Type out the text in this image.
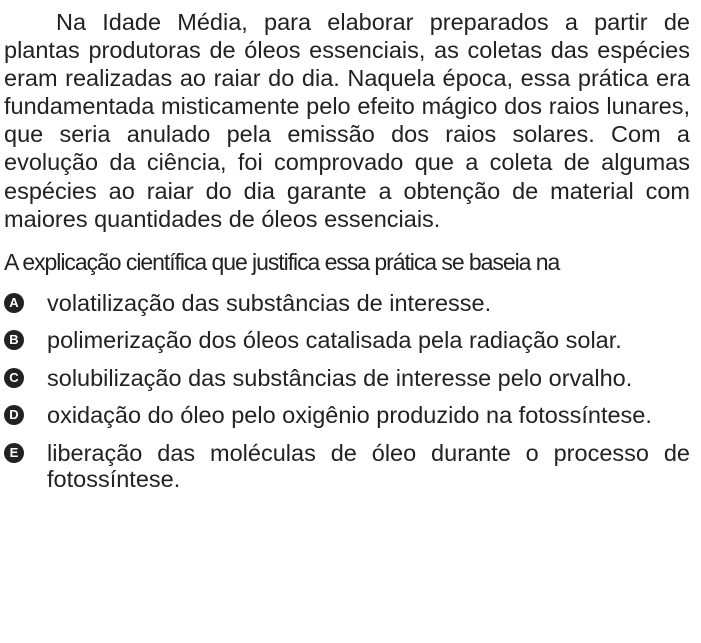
Na Idade Média, para elaborar preparados a partir de plantas produtoras de óleos essenciais, as coletas das espécies eram realizadas ao raiar do dia. Naquela época, essa prática era fundamentada misticamente pelo efeito mágico dos raios lunares, que seria anulado pela emissão dos raios solares. Com a evolução da ciência, foi comprovado que a coleta de algumas espécies ao raiar do dia garante a obtenção de material com maiores quantidades de óleos essenciais.

A explicação científica que justifica essa prática se baseia na

A volatilização das substâncias de interesse.
B polimerização dos óleos catalisada pela radiação solar.
C solubilização das substâncias de interesse pelo orvalho.
D oxidação do óleo pelo oxigênio produzido na fotossíntese.
E liberação das moléculas de óleo durante o processo de fotossíntese.
